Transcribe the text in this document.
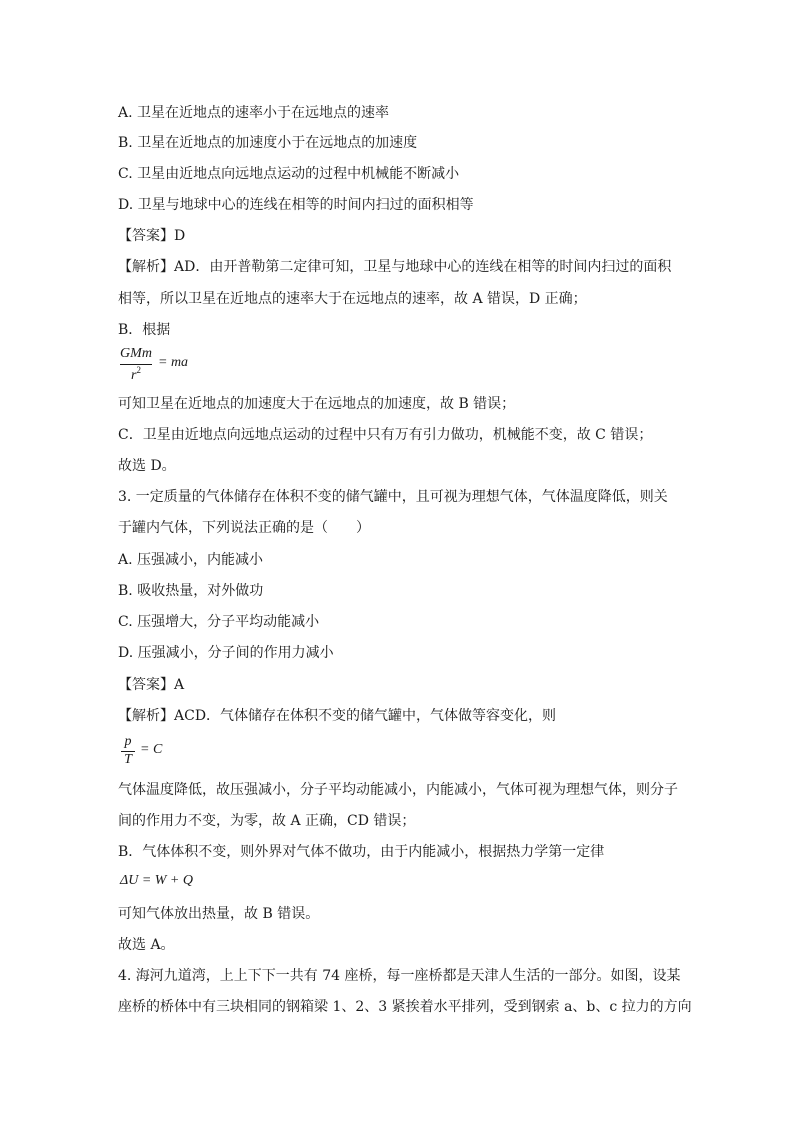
A. 卫星在近地点的速率小于在远地点的速率
B. 卫星在近地点的加速度小于在远地点的加速度
C. 卫星由近地点向远地点运动的过程中机械能不断减小
D. 卫星与地球中心的连线在相等的时间内扫过的面积相等
【答案】D
【解析】AD．由开普勒第二定律可知，卫星与地球中心的连线在相等的时间内扫过的面积
相等，所以卫星在近地点的速率大于在远地点的速率，故 A 错误，D 正确；
B．根据
GMm
$r^2$	= ma
可知卫星在近地点的加速度大于在远地点的加速度，故 B 错误；
C．卫星由近地点向远地点运动的过程中只有万有引力做功，机械能不变，故 C 错误；
故选 D。
3. 一定质量的气体储存在体积不变的储气罐中，且可视为理想气体，气体温度降低，则关
于罐内气体，下列说法正确的是（　　）
A. 压强减小，内能减小
B. 吸收热量，对外做功
C. 压强增大，分子平均动能减小
D. 压强减小，分子间的作用力减小
【答案】A
【解析】ACD．气体储存在体积不变的储气罐中，气体做等容变化，则
p
T
= C
气体温度降低，故压强减小，分子平均动能减小，内能减小，气体可视为理想气体，则分子
间的作用力不变，为零，故 A 正确，CD 错误；
B．气体体积不变，则外界对气体不做功，由于内能减小，根据热力学第一定律
ΔU = W + Q
可知气体放出热量，故 B 错误。
故选 A。
4. 海河九道湾，上上下下一共有 74 座桥，每一座桥都是天津人生活的一部分。如图，设某
座桥的桥体中有三块相同的钢箱梁 1、2、3 紧挨着水平排列，受到钢索 a、b、c 拉力的方向
